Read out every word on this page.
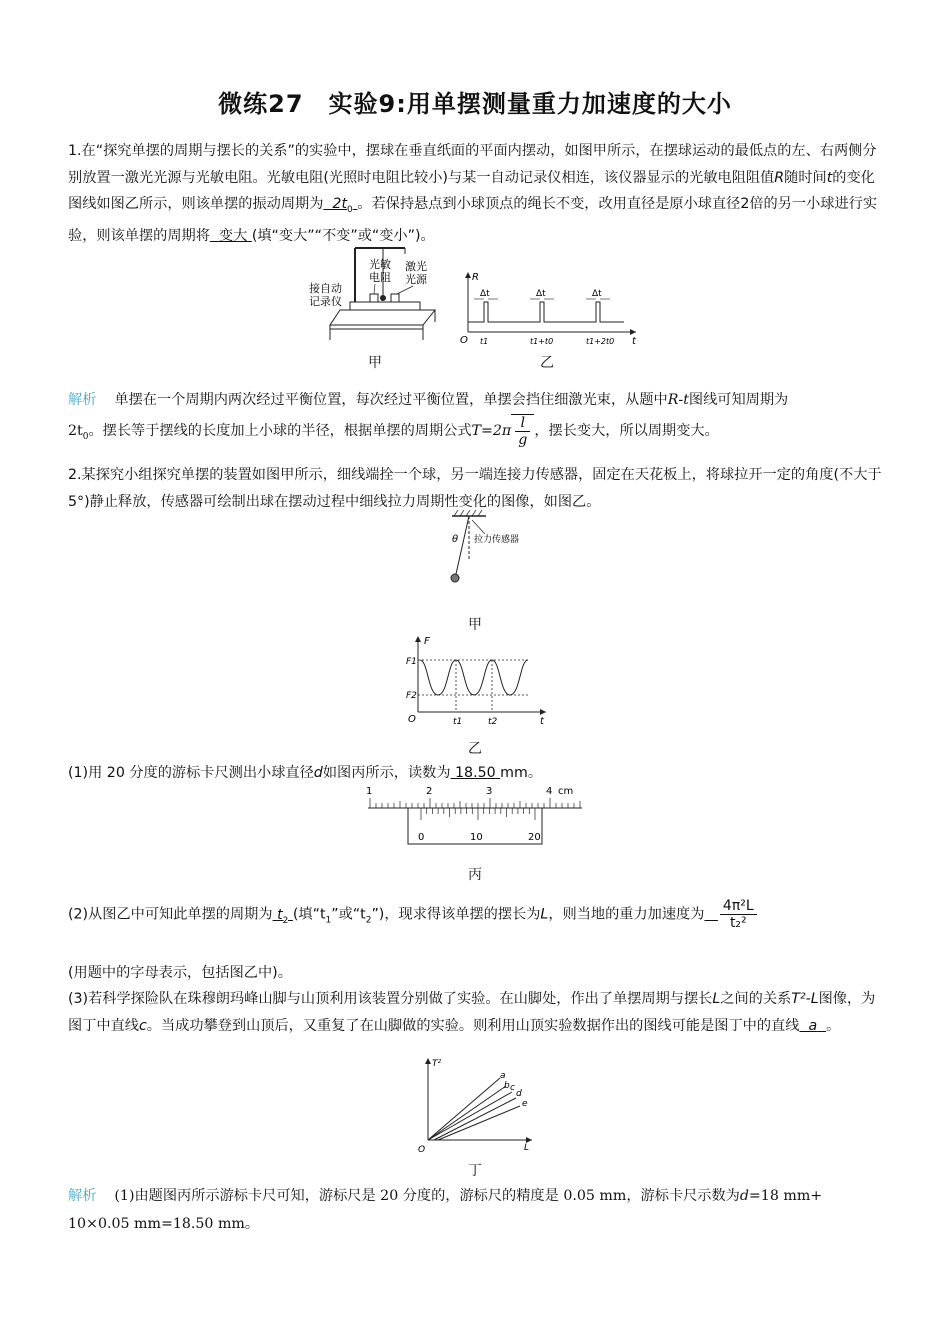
微练27　实验9:用单摆测量重力加速度的大小
1.在“探究单摆的周期与摆长的关系”的实验中，摆球在垂直纸面的平面内摆动，如图甲所示，在摆球运动的最低点的左、右两侧分别放置一激光光源与光敏电阻。光敏电阻(光照时电阻比较小)与某一自动记录仪相连，该仪器显示的光敏电阻阻值R随时间t的变化图线如图乙所示，则该单摆的振动周期为 $2t_0$ 。若保持悬点到小球顶点的绳长不变，改用直径是原小球直径2倍的另一小球进行实验，则该单摆的周期将 变大 (填“变大”“不变”或“变小”)。
光敏
电阻
激光
光源
接自动
记录仪
甲
R
t
O
Δt	Δt	Δt
t1	t1+t0	t1+2t0
乙
解析 单摆在一个周期内两次经过平衡位置，每次经过平衡位置，单摆会挡住细激光束，从题中R-t图线可知周期为
$2t_0$。摆长等于摆线的长度加上小球的半径，根据单摆的周期公式$T=2\pi \frac{l}{g}$ ，摆长变大，所以周期变大。
2.某探究小组探究单摆的装置如图甲所示，细线端拴一个球，另一端连接力传感器，固定在天花板上，将球拉开一定的角度(不大于 5°)静止释放，传感器可绘制出球在摆动过程中细线拉力周期性变化的图像，如图乙。
θ 拉力传感器
甲
F
t
O
F1
F2
t1	t2
乙
(1)用 20 分度的游标卡尺测出小球直径d如图丙所示，读数为 18.50 mm。
1	2	3	4 cm
0	10	20
丙
(2)从图乙中可知此单摆的周期为 $t_2$ (填“$t_1$”或“$t_2$”)，现求得该单摆的摆长为L，则当地的重力加速度为 $\frac{\text{4π²L}}{\text{t₂²}}$
(用题中的字母表示，包括图乙中)。
(3)若科学探险队在珠穆朗玛峰山脚与山顶利用该装置分别做了实验。在山脚处，作出了单摆周期与摆长L之间的关系T²-L图像，为图丁中直线c。当成功攀登到山顶后，又重复了在山脚做的实验。则利用山顶实验数据作出的图线可能是图丁中的直线 a 。
T²
L
O
a
b c
d
e
丁
解析 (1)由题图丙所示游标卡尺可知，游标尺是 20 分度的，游标尺的精度是 0.05 mm，游标卡尺示数为d=18 mm+ 10×0.05 mm=18.50 mm。
